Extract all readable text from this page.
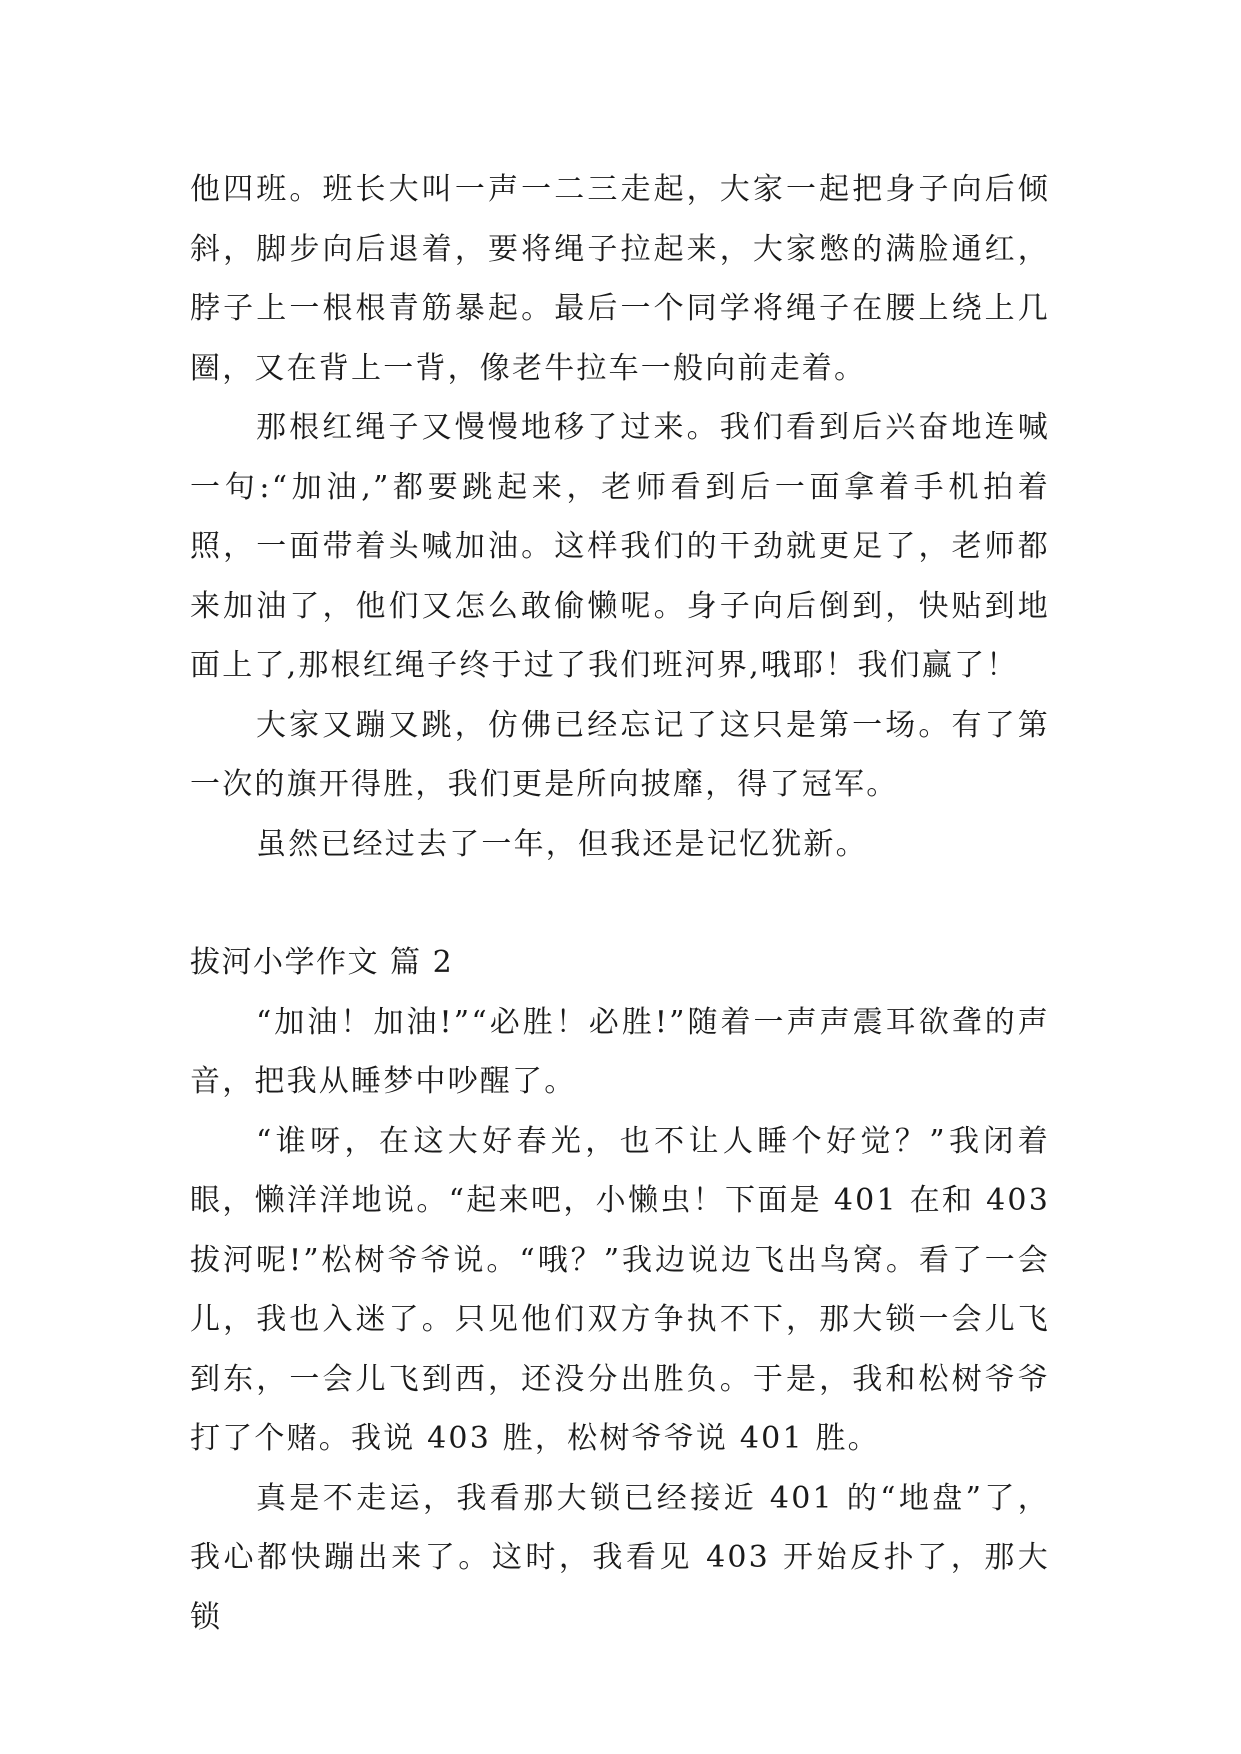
他四班。班长大叫一声一二三走起，大家一起把身子向后倾斜，脚步向后退着，要将绳子拉起来，大家憋的满脸通红，脖子上一根根青筋暴起。最后一个同学将绳子在腰上绕上几圈，又在背上一背，像老牛拉车一般向前走着。

那根红绳子又慢慢地移了过来。我们看到后兴奋地连喊一句:“加油,”都要跳起来，老师看到后一面拿着手机拍着照，一面带着头喊加油。这样我们的干劲就更足了，老师都来加油了，他们又怎么敢偷懒呢。身子向后倒到，快贴到地面上了,那根红绳子终于过了我们班河界,哦耶！我们赢了！

大家又蹦又跳，仿佛已经忘记了这只是第一场。有了第一次的旗开得胜，我们更是所向披靡，得了冠军。

虽然已经过去了一年，但我还是记忆犹新。

拔河小学作文 篇 2

“加油！加油!”“必胜！必胜!”随着一声声震耳欲聋的声音，把我从睡梦中吵醒了。

“谁呀，在这大好春光，也不让人睡个好觉？”我闭着眼，懒洋洋地说。“起来吧，小懒虫！下面是 401 在和 403 拔河呢!”松树爷爷说。“哦？”我边说边飞出鸟窝。看了一会儿，我也入迷了。只见他们双方争执不下，那大锁一会儿飞到东，一会儿飞到西，还没分出胜负。于是，我和松树爷爷打了个赌。我说 403 胜，松树爷爷说 401 胜。

真是不走运，我看那大锁已经接近 401 的“地盘”了，我心都快蹦出来了。这时，我看见 403 开始反扑了，那大锁
